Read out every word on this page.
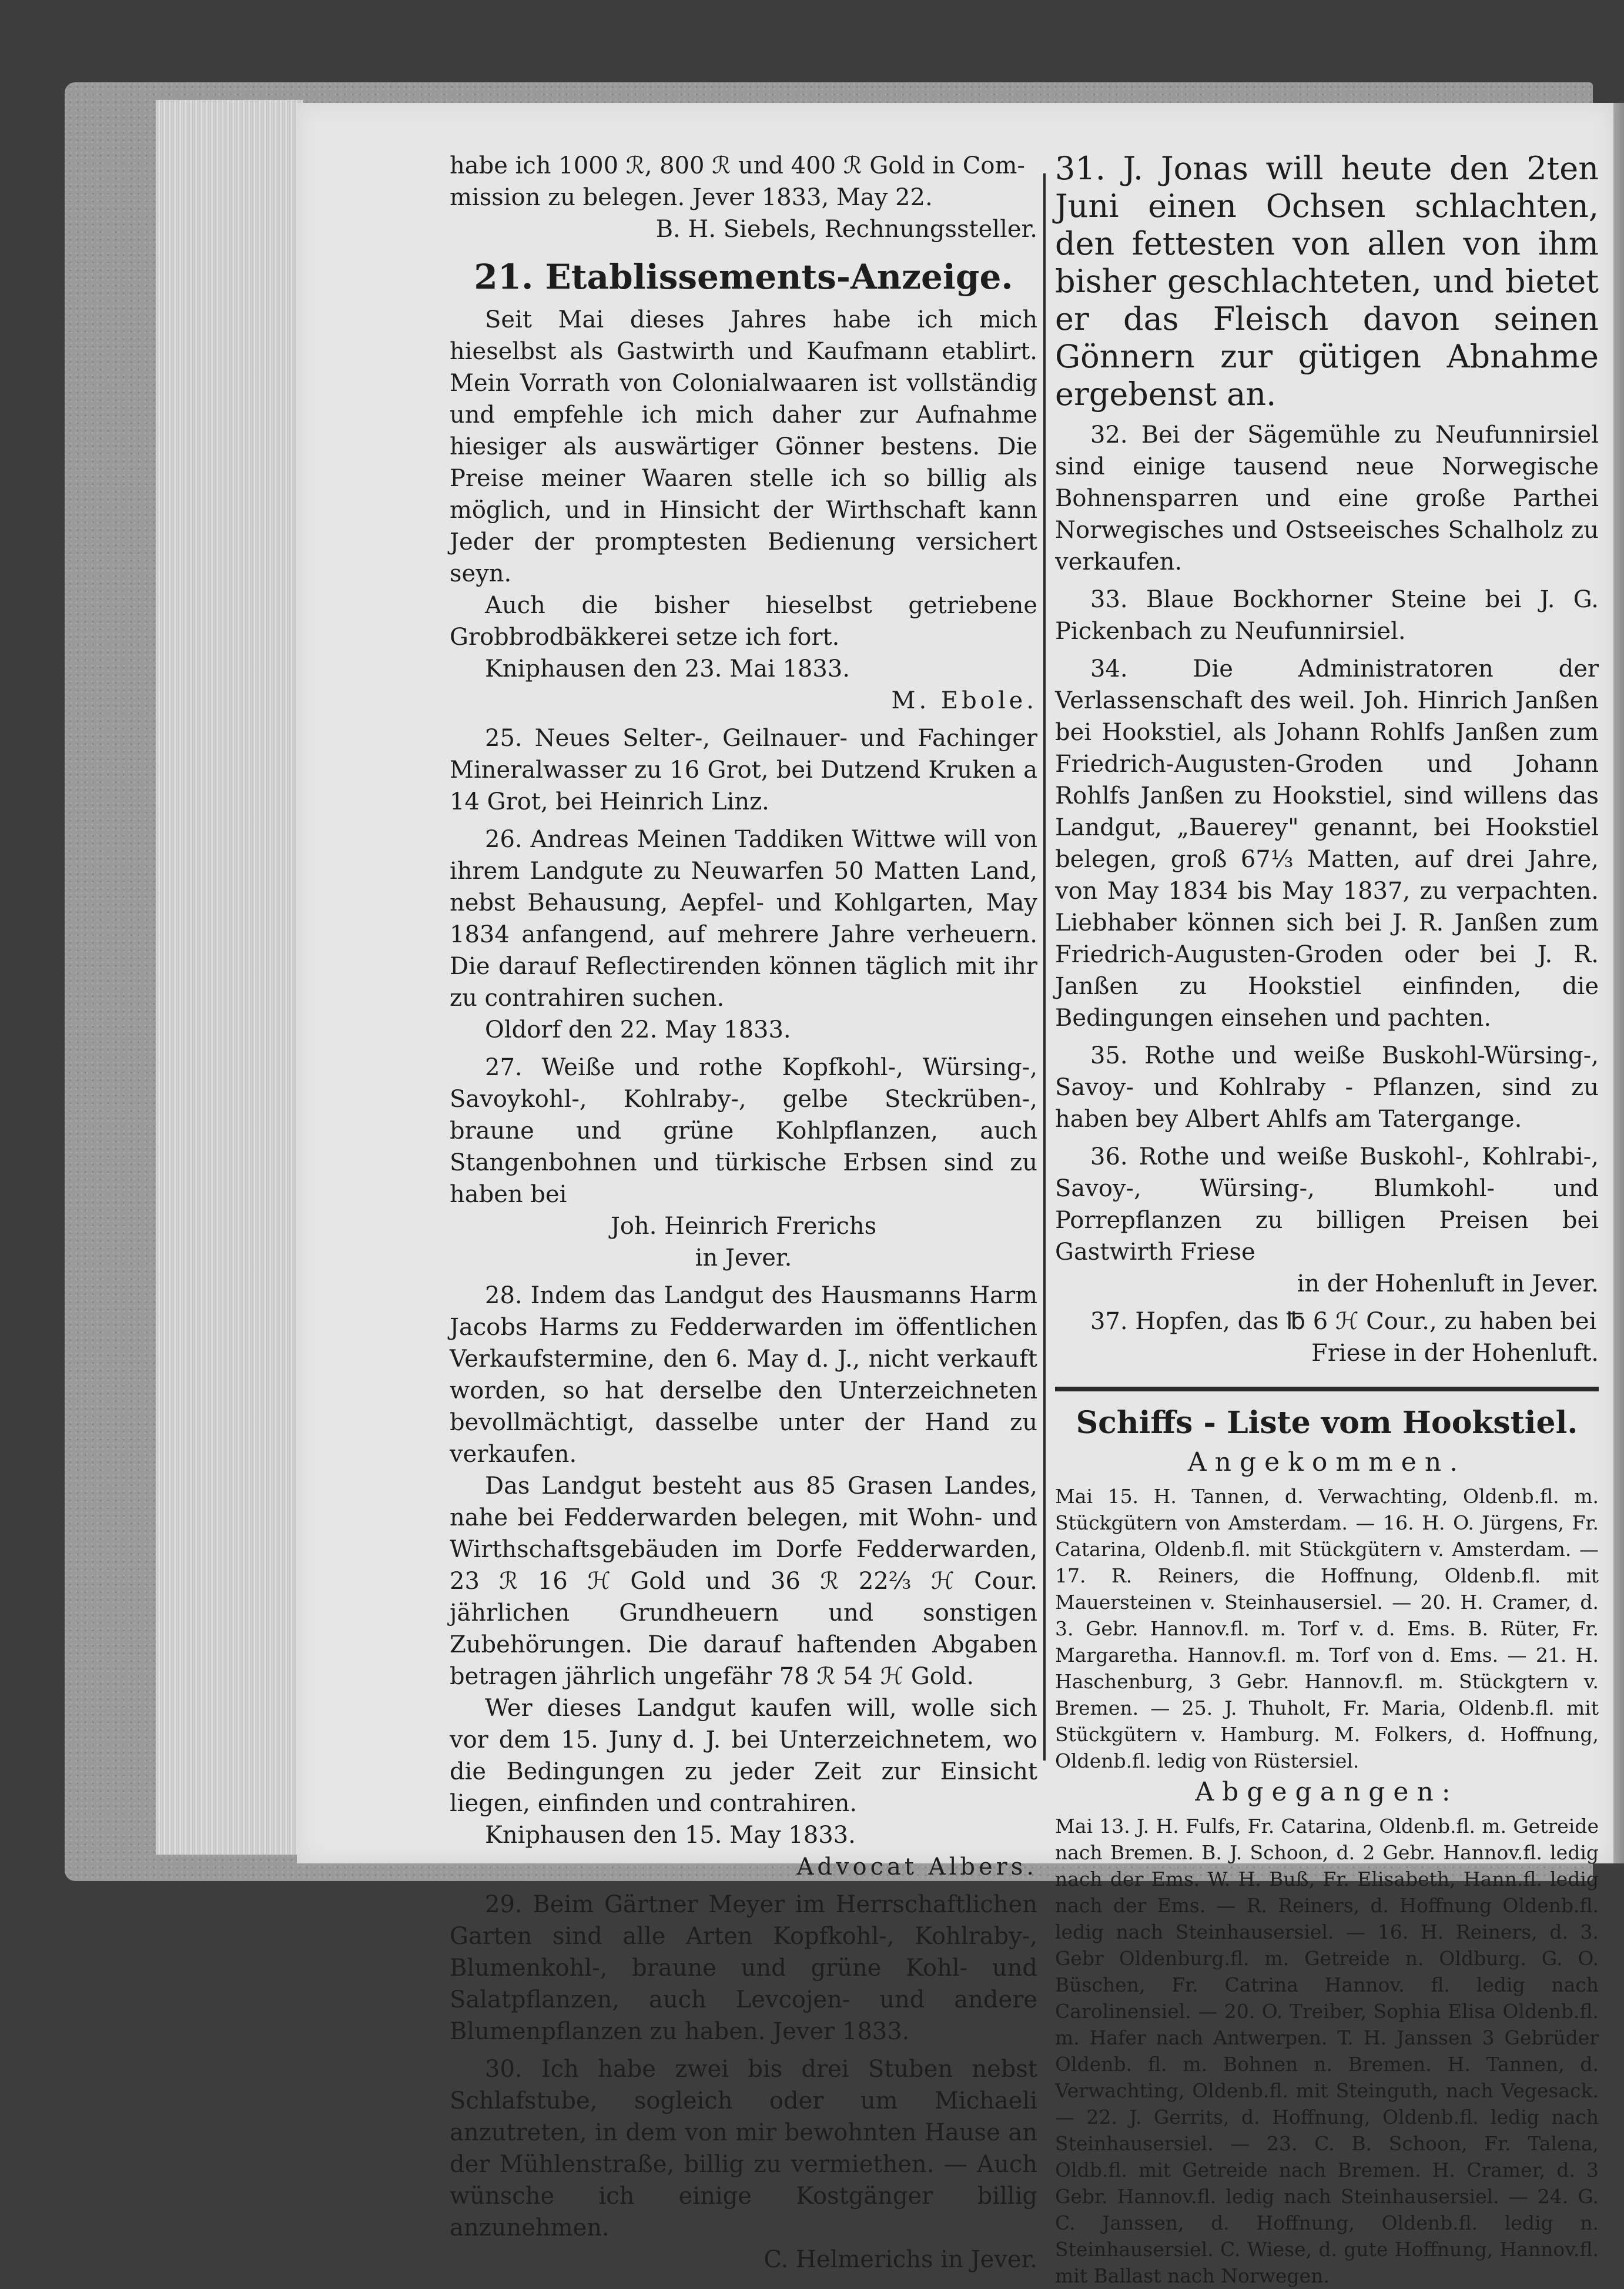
habe ich 1000 ℛ, 800 ℛ und 400 ℛ Gold in Com-

mission zu belegen. Jever 1833, May 22.

B. H. Siebels, Rechnungssteller.

21. Etablissements-Anzeige.

Seit Mai dieses Jahres habe ich mich hieselbst als Gastwirth und Kaufmann etablirt. Mein Vorrath von Colonialwaaren ist vollständig und empfehle ich mich daher zur Aufnahme hiesiger als auswärtiger Gönner bestens. Die Preise meiner Waaren stelle ich so billig als möglich, und in Hinsicht der Wirthschaft kann Jeder der promptesten Bedienung versichert seyn.

Auch die bisher hieselbst getriebene Grobbrodbäkkerei setze ich fort.

Kniphausen den 23. Mai 1833.

M. Ebole.

25. Neues Selter-, Geilnauer- und Fachinger Mineralwasser zu 16 Grot, bei Dutzend Kruken a 14 Grot, bei Heinrich Linz.

26. Andreas Meinen Taddiken Wittwe will von ihrem Landgute zu Neuwarfen 50 Matten Land, nebst Behausung, Aepfel- und Kohlgarten, May 1834 anfangend, auf mehrere Jahre verheuern. Die darauf Reflectirenden können täglich mit ihr zu contrahiren suchen.

Oldorf den 22. May 1833.

27. Weiße und rothe Kopfkohl-, Würsing-, Savoykohl-, Kohlraby-, gelbe Steckrüben-, braune und grüne Kohlpflanzen, auch Stangenbohnen und türkische Erbsen sind zu haben bei

Joh. Heinrich Frerichs

in Jever.

28. Indem das Landgut des Hausmanns Harm Jacobs Harms zu Fedderwarden im öffentlichen Verkaufstermine, den 6. May d. J., nicht verkauft worden, so hat derselbe den Unterzeichneten bevollmächtigt, dasselbe unter der Hand zu verkaufen.

Das Landgut besteht aus 85 Grasen Landes, nahe bei Fedderwarden belegen, mit Wohn- und Wirthschaftsgebäuden im Dorfe Fedderwarden, 23 ℛ 16 ℋ Gold und 36 ℛ 22⅔ ℋ Cour. jährlichen Grundheuern und sonstigen Zubehörungen. Die darauf haftenden Abgaben betragen jährlich ungefähr 78 ℛ 54 ℋ Gold.

Wer dieses Landgut kaufen will, wolle sich vor dem 15. Juny d. J. bei Unterzeichnetem, wo die Bedingungen zu jeder Zeit zur Einsicht liegen, einfinden und contrahiren.

Kniphausen den 15. May 1833.

Advocat Albers.

29. Beim Gärtner Meyer im Herrschaftlichen Garten sind alle Arten Kopfkohl-, Kohlraby-, Blumenkohl-, braune und grüne Kohl- und Salatpflanzen, auch Levcojen- und andere Blumenpflanzen zu haben. Jever 1833.

30. Ich habe zwei bis drei Stuben nebst Schlafstube, sogleich oder um Michaeli anzutreten, in dem von mir bewohnten Hause an der Mühlenstraße, billig zu vermiethen. — Auch wünsche ich einige Kostgänger billig anzunehmen.

C. Helmerichs in Jever.

31. J. Jonas will heute den 2ten Juni einen Ochsen schlachten, den fettesten von allen von ihm bisher geschlachteten, und bietet er das Fleisch davon seinen Gönnern zur gütigen Abnahme ergebenst an.

32. Bei der Sägemühle zu Neufunnirsiel sind einige tausend neue Norwegische Bohnensparren und eine große Parthei Norwegisches und Ostseeisches Schalholz zu verkaufen.

33. Blaue Bockhorner Steine bei J. G. Pickenbach zu Neufunnirsiel.

34. Die Administratoren der Verlassenschaft des weil. Joh. Hinrich Janßen bei Hookstiel, als Johann Rohlfs Janßen zum Friedrich-Augusten-Groden und Johann Rohlfs Janßen zu Hookstiel, sind willens das Landgut, „Bauerey" genannt, bei Hookstiel belegen, groß 67⅓ Matten, auf drei Jahre, von May 1834 bis May 1837, zu verpachten. Liebhaber können sich bei J. R. Janßen zum Friedrich-Augusten-Groden oder bei J. R. Janßen zu Hookstiel einfinden, die Bedingungen einsehen und pachten.

35. Rothe und weiße Buskohl-Würsing-, Savoy- und Kohlraby - Pflanzen, sind zu haben bey Albert Ahlfs am Tatergange.

36. Rothe und weiße Buskohl-, Kohlrabi-, Savoy-, Würsing-, Blumkohl- und Porrepflanzen zu billigen Preisen bei Gastwirth Friese

in der Hohenluft in Jever.

37. Hopfen, das ℔ 6 ℋ Cour., zu haben bei

Friese in der Hohenluft.

Schiffs - Liste vom Hookstiel.
Angekommen.

Mai 15. H. Tannen, d. Verwachting, Oldenb.fl. m. Stückgütern von Amsterdam. — 16. H. O. Jürgens, Fr. Catarina, Oldenb.fl. mit Stückgütern v. Amsterdam. — 17. R. Reiners, die Hoffnung, Oldenb.fl. mit Mauersteinen v. Steinhausersiel. — 20. H. Cramer, d. 3. Gebr. Hannov.fl. m. Torf v. d. Ems. B. Rüter, Fr. Margaretha. Hannov.fl. m. Torf von d. Ems. — 21. H. Haschenburg, 3 Gebr. Hannov.fl. m. Stückgtern v. Bremen. — 25. J. Thuholt, Fr. Maria, Oldenb.fl. mit Stückgütern v. Hamburg. M. Folkers, d. Hoffnung, Oldenb.fl. ledig von Rüstersiel.

Abgegangen:

Mai 13. J. H. Fulfs, Fr. Catarina, Oldenb.fl. m. Getreide nach Bremen. B. J. Schoon, d. 2 Gebr. Hannov.fl. ledig nach der Ems. W. H. Buß, Fr. Elisabeth, Hann.fl. ledig nach der Ems. — R. Reiners, d. Hoffnung Oldenb.fl. ledig nach Steinhausersiel. — 16. H. Reiners, d. 3. Gebr Oldenburg.fl. m. Getreide n. Oldburg. G. O. Büschen, Fr. Catrina Hannov. fl. ledig nach Carolinensiel. — 20. O. Treiber, Sophia Elisa Oldenb.fl. m. Hafer nach Antwerpen. T. H. Janssen 3 Gebrüder Oldenb. fl. m. Bohnen n. Bremen. H. Tannen, d. Verwachting, Oldenb.fl. mit Steinguth, nach Vegesack. — 22. J. Gerrits, d. Hoffnung, Oldenb.fl. ledig nach Steinhausersiel. — 23. C. B. Schoon, Fr. Talena, Oldb.fl. mit Getreide nach Bremen. H. Cramer, d. 3 Gebr. Hannov.fl. ledig nach Steinhausersiel. — 24. G. C. Janssen, d. Hoffnung, Oldenb.fl. ledig n. Steinhausersiel. C. Wiese, d. gute Hoffnung, Hannov.fl. mit Ballast nach Norwegen.
